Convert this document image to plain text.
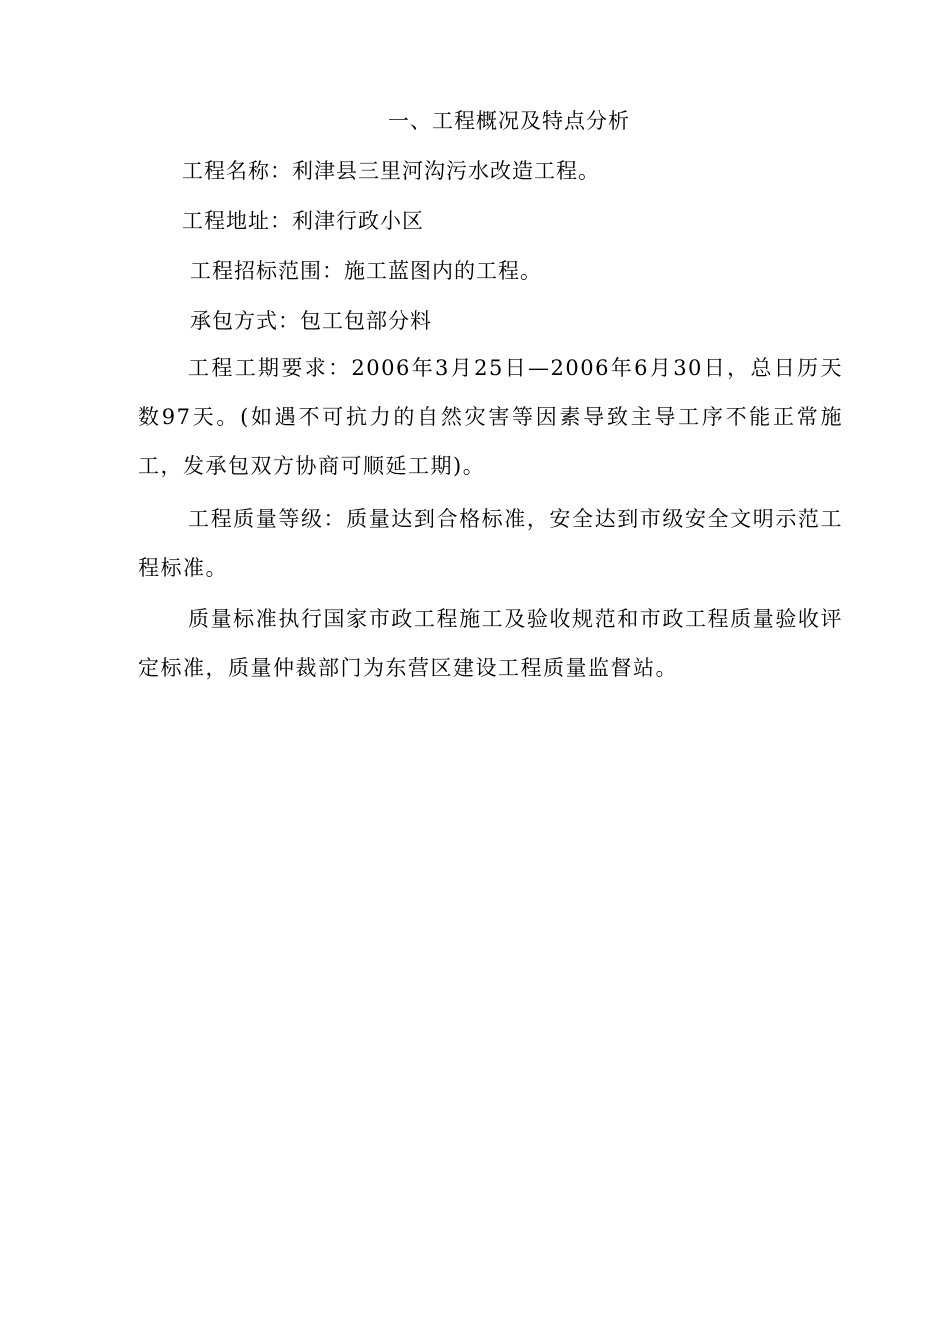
一、工程概况及特点分析
工程名称：利津县三里河沟污水改造工程。
工程地址：利津行政小区
工程招标范围：施工蓝图内的工程。
承包方式：包工包部分料
工程工期要求：2006年3月25日—2006年6月30日，总日历天数97天。(如遇不可抗力的自然灾害等因素导致主导工序不能正常施工，发承包双方协商可顺延工期)。
工程质量等级：质量达到合格标准，安全达到市级安全文明示范工程标准。
质量标准执行国家市政工程施工及验收规范和市政工程质量验收评定标准，质量仲裁部门为东营区建设工程质量监督站。
